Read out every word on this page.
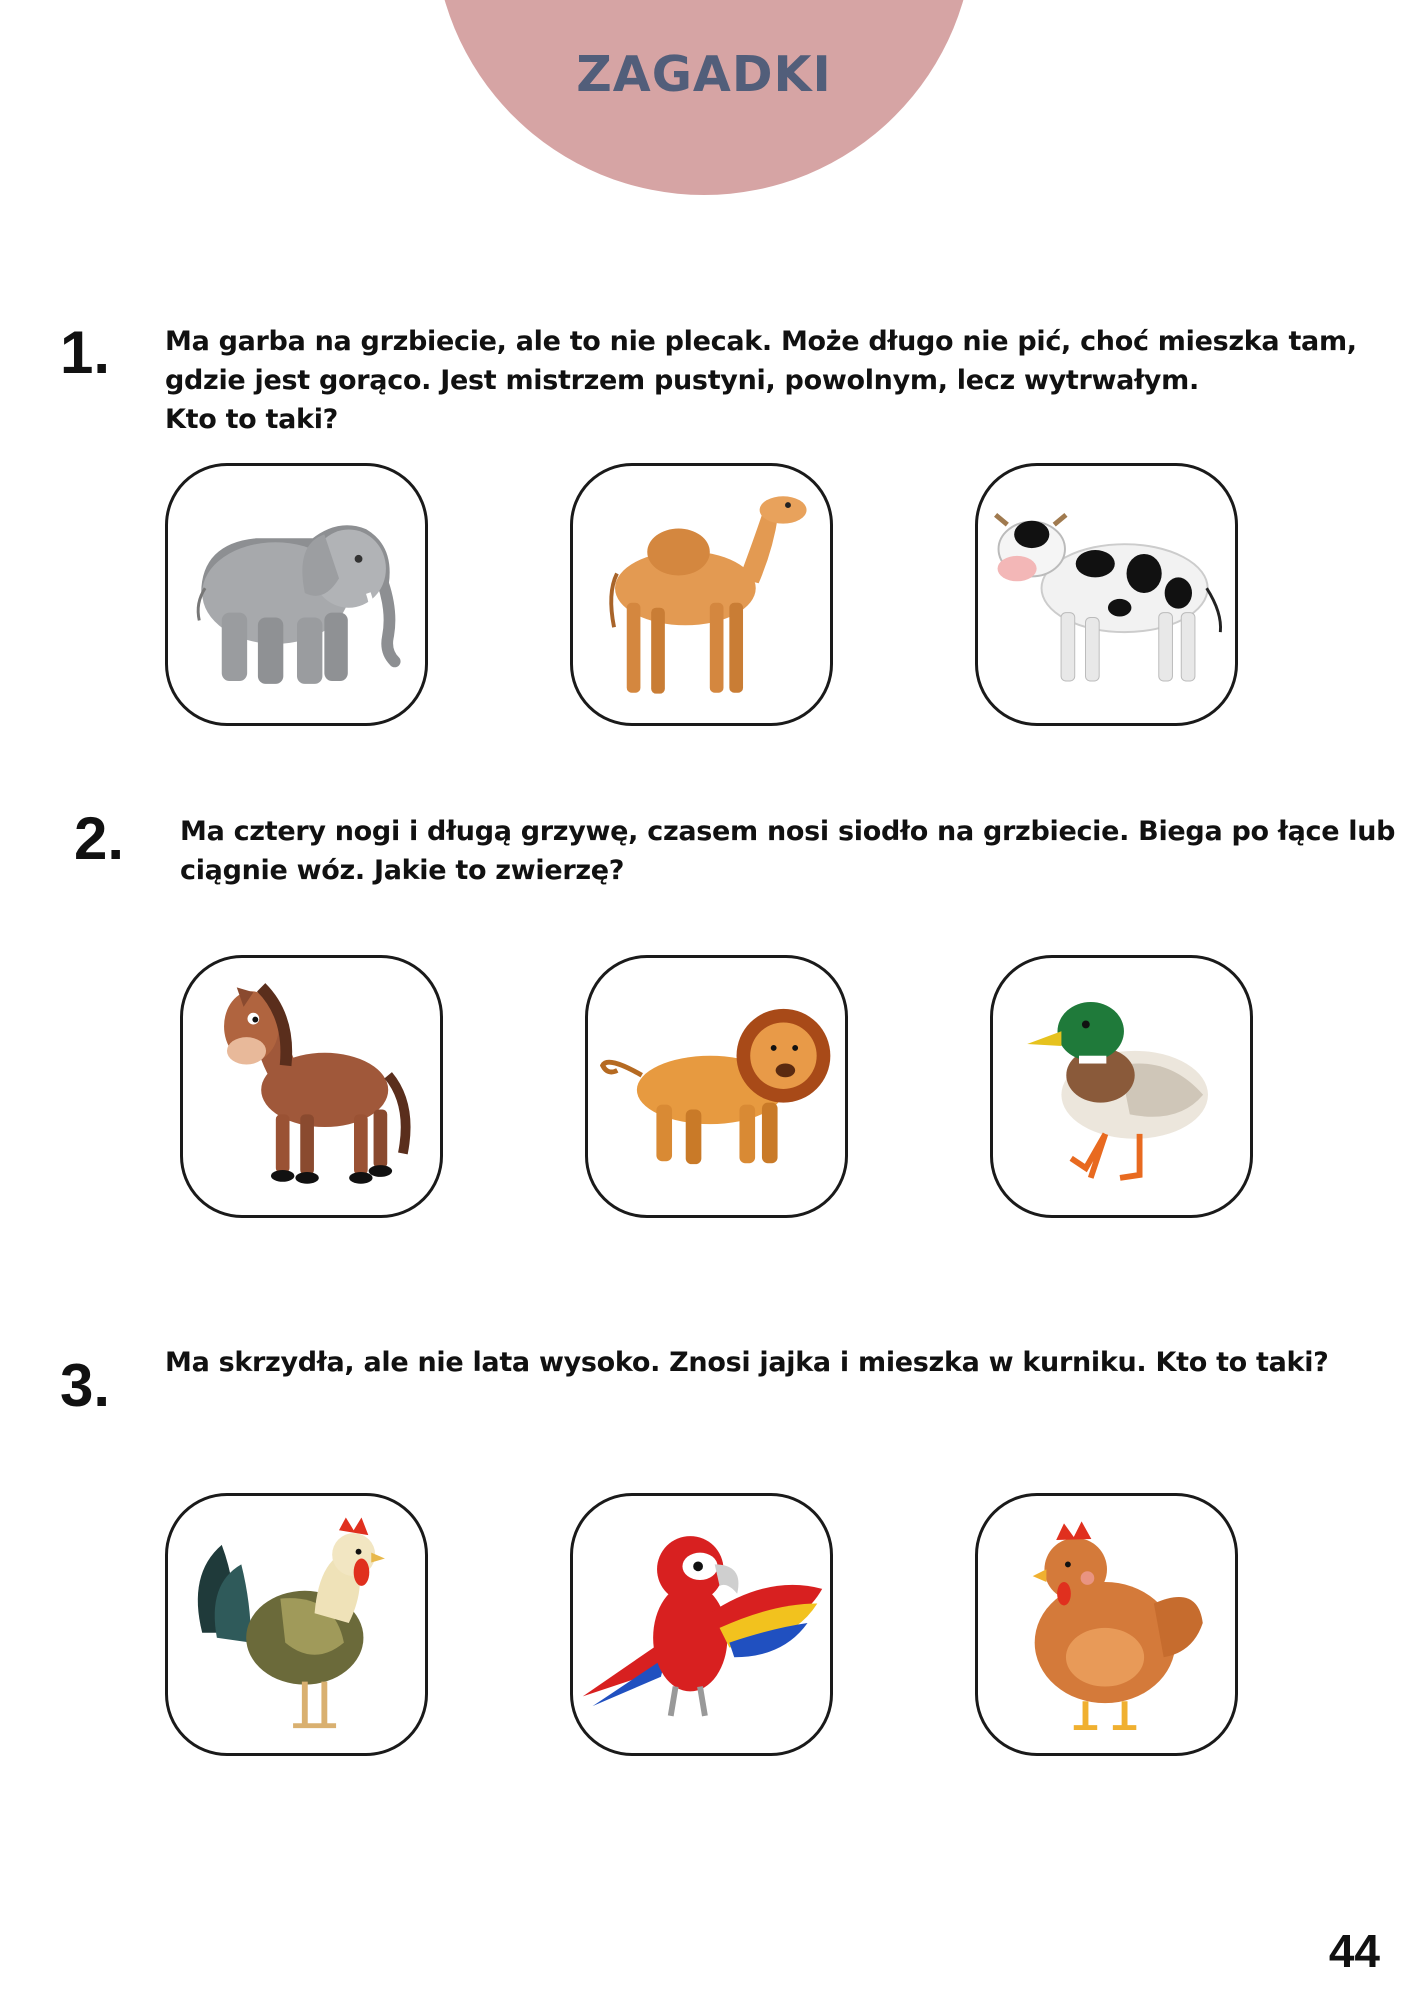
ZAGADKI
1. Ma garba na grzbiecie, ale to nie plecak. Może długo nie pić, choć mieszka tam,
gdzie jest gorąco. Jest mistrzem pustyni, powolnym, lecz wytrwałym.
Kto to taki?
2. Ma cztery nogi i długą grzywę, czasem nosi siodło na grzbiecie. Biega po łące lub
ciągnie wóz. Jakie to zwierzę?
3. Ma skrzydła, ale nie lata wysoko. Znosi jajka i mieszka w kurniku. Kto to taki?
44
